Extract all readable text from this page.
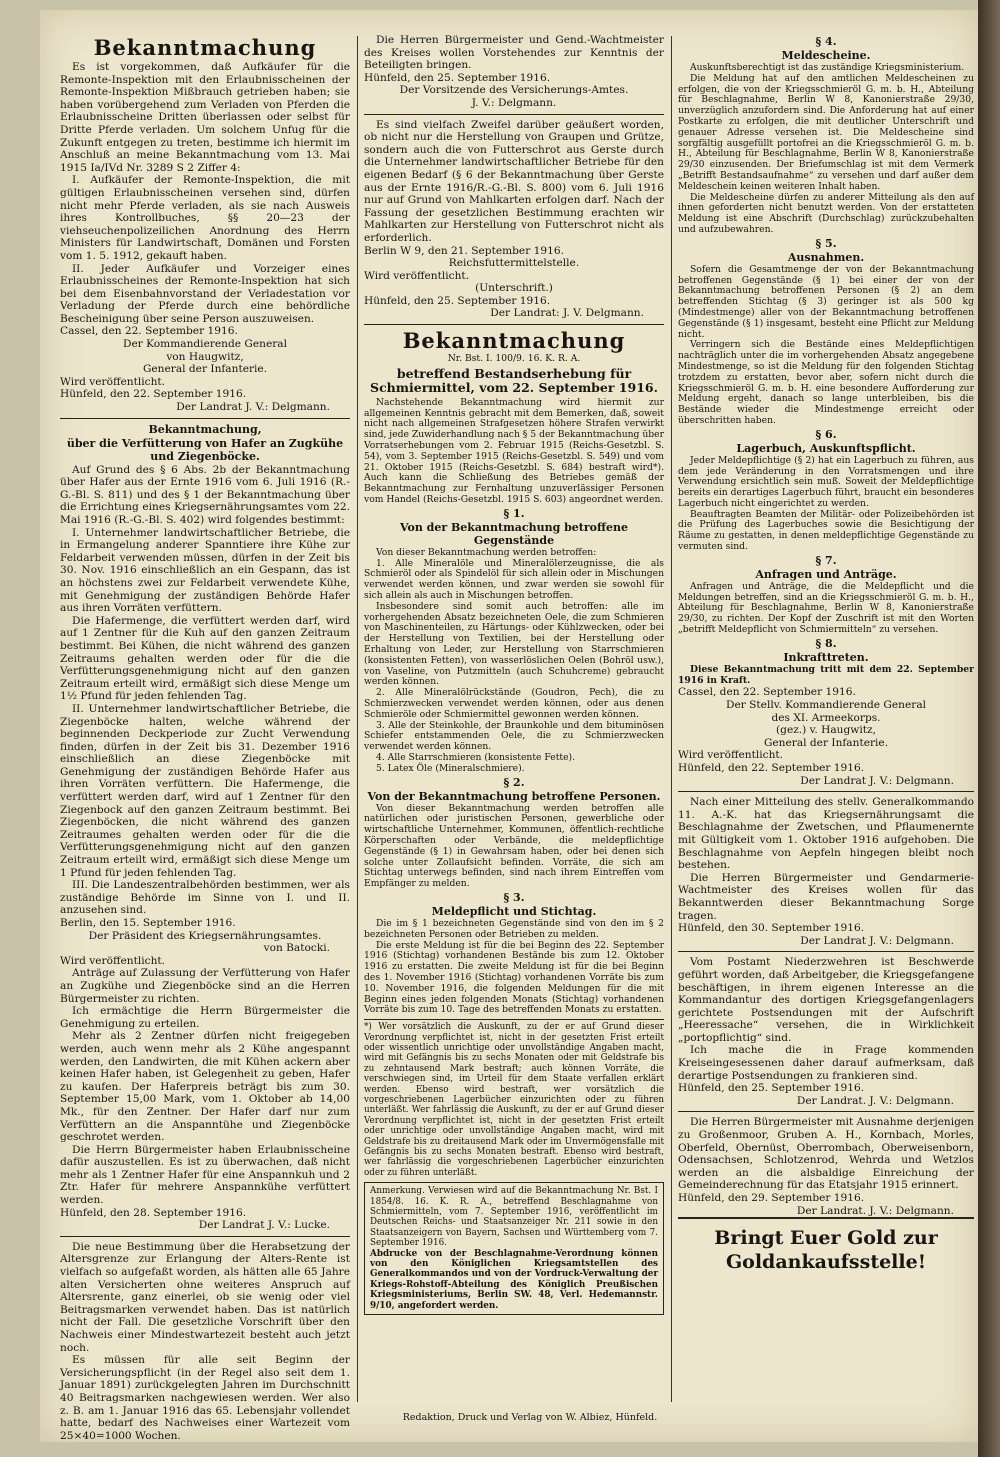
Bekanntmachung

Es ist vorgekommen, daß Aufkäufer für die Remonte-Inspektion mit den Erlaubnisscheinen der Remonte-Inspektion Mißbrauch getrieben haben; sie haben vorübergehend zum Verladen von Pferden die Erlaubnisscheine Dritten überlassen oder selbst für Dritte Pferde verladen. Um solchem Unfug für die Zukunft entgegen zu treten, bestimme ich hiermit im Anschluß an meine Bekanntmachung vom 13. Mai 1915 Ia/IVd Nr. 3289 S 2 Ziffer 4:

I. Aufkäufer der Remonte-Inspektion, die mit gültigen Erlaubnisscheinen versehen sind, dürfen nicht mehr Pferde verladen, als sie nach Ausweis ihres Kontrollbuches, §§ 20—23 der viehseuchenpolizeilichen Anordnung des Herrn Ministers für Landwirtschaft, Domänen und Forsten vom 1. 5. 1912, gekauft haben.

II. Jeder Aufkäufer und Vorzeiger eines Erlaubnisscheines der Remonte-Inspektion hat sich bei dem Eisenbahnvorstand der Verladestation vor Verladung der Pferde durch eine behördliche Bescheinigung über seine Person auszuweisen.

Cassel, den 22. September 1916.

Der Kommandierende General

von Haugwitz,

General der Infanterie.

Wird veröffentlicht.

Hünfeld, den 22. September 1916.

Der Landrat J. V.: Delgmann.

Bekanntmachung,
über die Verfütterung von Hafer an Zugkühe und Ziegenböcke.

Auf Grund des § 6 Abs. 2b der Bekanntmachung über Hafer aus der Ernte 1916 vom 6. Juli 1916 (R.-G.-Bl. S. 811) und des § 1 der Bekanntmachung über die Errichtung eines Kriegsernährungsamtes vom 22. Mai 1916 (R.-G.-Bl. S. 402) wird folgendes bestimmt:

I. Unternehmer landwirtschaftlicher Betriebe, die in Ermangelung anderer Spanntiere ihre Kühe zur Feldarbeit verwenden müssen, dürfen in der Zeit bis 30. Nov. 1916 einschließlich an ein Gespann, das ist an höchstens zwei zur Feldarbeit verwendete Kühe, mit Genehmigung der zuständigen Behörde Hafer aus ihren Vorräten verfüttern.

Die Hafermenge, die verfüttert werden darf, wird auf 1 Zentner für die Kuh auf den ganzen Zeitraum bestimmt. Bei Kühen, die nicht während des ganzen Zeitraums gehalten werden oder für die die Verfütterungsgenehmigung nicht auf den ganzen Zeitraum erteilt wird, ermäßigt sich diese Menge um 1½ Pfund für jeden fehlenden Tag.

II. Unternehmer landwirtschaftlicher Betriebe, die Ziegenböcke halten, welche während der beginnenden Deckperiode zur Zucht Verwendung finden, dürfen in der Zeit bis 31. Dezember 1916 einschließlich an diese Ziegenböcke mit Genehmigung der zuständigen Behörde Hafer aus ihren Vorräten verfüttern. Die Hafermenge, die verfüttert werden darf, wird auf 1 Zentner für den Ziegenbock auf den ganzen Zeitraum bestimmt. Bei Ziegenböcken, die nicht während des ganzen Zeitraumes gehalten werden oder für die die Verfütterungsgenehmigung nicht auf den ganzen Zeitraum erteilt wird, ermäßigt sich diese Menge um 1 Pfund für jeden fehlenden Tag.

III. Die Landeszentralbehörden bestimmen, wer als zuständige Behörde im Sinne von I. und II. anzusehen sind.

Berlin, den 15. September 1916.

Der Präsident des Kriegsernährungsamtes.

von Batocki.

Wird veröffentlicht.

Anträge auf Zulassung der Verfütterung von Hafer an Zugkühe und Ziegenböcke sind an die Herren Bürgermeister zu richten.

Ich ermächtige die Herrn Bürgermeister die Genehmigung zu erteilen.

Mehr als 2 Zentner dürfen nicht freigegeben werden, auch wenn mehr als 2 Kühe angespannt werden, den Landwirten, die mit Kühen ackern aber keinen Hafer haben, ist Gelegenheit zu geben, Hafer zu kaufen. Der Haferpreis beträgt bis zum 30. September 15,00 Mark, vom 1. Oktober ab 14,00 Mk., für den Zentner. Der Hafer darf nur zum Verfüttern an die Anspanntühe und Ziegenböcke geschrotet werden.

Die Herrn Bürgermeister haben Erlaubnisscheine dafür auszustellen. Es ist zu überwachen, daß nicht mehr als 1 Zentner Hafer für eine Anspannkuh und 2 Ztr. Hafer für mehrere Anspannkühe verfüttert werden.

Hünfeld, den 28. September 1916.

Der Landrat J. V.: Lucke.

Die neue Bestimmung über die Herabsetzung der Altersgrenze zur Erlangung der Alters-Rente ist vielfach so aufgefaßt worden, als hätten alle 65 Jahre alten Versicherten ohne weiteres Anspruch auf Altersrente, ganz einerlei, ob sie wenig oder viel Beitragsmarken verwendet haben. Das ist natürlich nicht der Fall. Die gesetzliche Vorschrift über den Nachweis einer Mindestwartezeit besteht auch jetzt noch.

Es müssen für alle seit Beginn der Versicherungspflicht (in der Regel also seit dem 1. Januar 1891) zurückgelegten Jahren im Durchschnitt 40 Beitragsmarken nachgewiesen werden. Wer also z. B. am 1. Januar 1916 das 65. Lebensjahr vollendet hatte, bedarf des Nachweises einer Wartezeit vom 25×40=1000 Wochen.

Die Herren Bürgermeister und Gend.-Wachtmeister des Kreises wollen Vorstehendes zur Kenntnis der Beteiligten bringen.

Hünfeld, den 25. September 1916.

Der Vorsitzende des Versicherungs-Amtes.

J. V.: Delgmann.

Es sind vielfach Zweifel darüber geäußert worden, ob nicht nur die Herstellung von Graupen und Grütze, sondern auch die von Futterschrot aus Gerste durch die Unternehmer landwirtschaftlicher Betriebe für den eigenen Bedarf (§ 6 der Bekanntmachung über Gerste aus der Ernte 1916/R.-G.-Bl. S. 800) vom 6. Juli 1916 nur auf Grund von Mahlkarten erfolgen darf. Nach der Fassung der gesetzlichen Bestimmung erachten wir Mahlkarten zur Herstellung von Futterschrot nicht als erforderlich.

Berlin W 9, den 21. September 1916.

Reichsfuttermittelstelle.

Wird veröffentlicht.

(Unterschrift.)

Hünfeld, den 25. September 1916.

Der Landrat: J. V. Delgmann.

Bekanntmachung

Nr. Bst. I. 100/9. 16. K. R. A.

betreffend Bestandserhebung für Schmiermittel, vom 22. September 1916.

Nachstehende Bekanntmachung wird hiermit zur allgemeinen Kenntnis gebracht mit dem Bemerken, daß, soweit nicht nach allgemeinen Strafgesetzen höhere Strafen verwirkt sind, jede Zuwiderhandlung nach § 5 der Bekanntmachung über Vorratserhebungen vom 2. Februar 1915 (Reichs-Gesetzbl. S. 54), vom 3. September 1915 (Reichs-Gesetzbl. S. 549) und vom 21. Oktober 1915 (Reichs-Gesetzbl. S. 684) bestraft wird*). Auch kann die Schließung des Betriebes gemäß der Bekanntmachung zur Fernhaltung unzuverlässiger Personen vom Handel (Reichs-Gesetzbl. 1915 S. 603) angeordnet werden.

§ 1.
Von der Bekanntmachung betroffene Gegenstände

Von dieser Bekanntmachung werden betroffen:

1. Alle Mineralöle und Mineralölerzeugnisse, die als Schmieröl oder als Spindelöl für sich allein oder in Mischungen verwendet werden können, und zwar werden sie sowohl für sich allein als auch in Mischungen betroffen.

Insbesondere sind somit auch betroffen: alle im vorhergehenden Absatz bezeichneten Oele, die zum Schmieren von Maschinenteilen, zu Härtungs- oder Kühlzwecken, oder bei der Herstellung von Textilien, bei der Herstellung oder Erhaltung von Leder, zur Herstellung von Starrschmieren (konsistenten Fetten), von wasserlöslichen Oelen (Bohröl usw.), von Vaseline, von Putzmitteln (auch Schuhcreme) gebraucht werden können.

2. Alle Mineralölrückstände (Goudron, Pech), die zu Schmierzwecken verwendet werden können, oder aus denen Schmieröle oder Schmiermittel gewonnen werden können.

3. Alle der Steinkohle, der Braunkohle und dem bituminösen Schiefer entstammenden Oele, die zu Schmierzwecken verwendet werden können.

4. Alle Starrschmieren (konsistente Fette).

5. Latex Öle (Mineralschmiere).

§ 2.
Von der Bekanntmachung betroffene Personen.

Von dieser Bekanntmachung werden betroffen alle natürlichen oder juristischen Personen, gewerbliche oder wirtschaftliche Unternehmer, Kommunen, öffentlich-rechtliche Körperschaften oder Verbände, die meldepflichtige Gegenstände (§ 1) in Gewahrsam haben, oder bei denen sich solche unter Zollaufsicht befinden. Vorräte, die sich am Stichtag unterwegs befinden, sind nach ihrem Eintreffen vom Empfänger zu melden.

§ 3.
Meldepflicht und Stichtag.

Die im § 1 bezeichneten Gegenstände sind von den im § 2 bezeichneten Personen oder Betrieben zu melden.

Die erste Meldung ist für die bei Beginn des 22. September 1916 (Stichtag) vorhandenen Bestände bis zum 12. Oktober 1916 zu erstatten. Die zweite Meldung ist für die bei Beginn des 1. November 1916 (Stichtag) vorhandenen Vorräte bis zum 10. November 1916, die folgenden Meldungen für die mit Beginn eines jeden folgenden Monats (Stichtag) vorhandenen Vorräte bis zum 10. Tage des betreffenden Monats zu erstatten.

*) Wer vorsätzlich die Auskunft, zu der er auf Grund dieser Verordnung verpflichtet ist, nicht in der gesetzten Frist erteilt oder wissentlich unrichtige oder unvollständige Angaben macht, wird mit Gefängnis bis zu sechs Monaten oder mit Geldstrafe bis zu zehntausend Mark bestraft; auch können Vorräte, die verschwiegen sind, im Urteil für dem Staate verfallen erklärt werden. Ebenso wird bestraft, wer vorsätzlich die vorgeschriebenen Lagerbücher einzurichten oder zu führen unterläßt. Wer fahrlässig die Auskunft, zu der er auf Grund dieser Verordnung verpflichtet ist, nicht in der gesetzten Frist erteilt oder unrichtige oder unvollständige Angaben macht, wird mit Geldstrafe bis zu dreitausend Mark oder im Unvermögensfalle mit Gefängnis bis zu sechs Monaten bestraft. Ebenso wird bestraft, wer fahrlässig die vorgeschriebenen Lagerbücher einzurichten oder zu führen unterläßt.

Anmerkung. Verwiesen wird auf die Bekanntmachung Nr. Bst. I 1854/8. 16. K. R. A., betreffend Beschlagnahme von Schmiermitteln, vom 7. September 1916, veröffentlicht im Deutschen Reichs- und Staatsanzeiger Nr. 211 sowie in den Staatsanzeigern von Bayern, Sachsen und Württemberg vom 7. September 1916.

Abdrucke von der Beschlagnahme-Verordnung können von den Königlichen Kriegsamtstellen des Generalkommandos und von der Vordruck-Verwaltung der Kriegs-Rohstoff-Abteilung des Königlich Preußischen Kriegsministeriums, Berlin SW. 48, Verl. Hedemannstr. 9/10, angefordert werden.

§ 4.
Meldescheine.

Auskunftsberechtigt ist das zuständige Kriegsministerium.

Die Meldung hat auf den amtlichen Meldescheinen zu erfolgen, die von der Kriegsschmieröl G. m. b. H., Abteilung für Beschlagnahme, Berlin W 8, Kanonierstraße 29/30, unverzüglich anzufordern sind. Die Anforderung hat auf einer Postkarte zu erfolgen, die mit deutlicher Unterschrift und genauer Adresse versehen ist. Die Meldescheine sind sorgfältig ausgefüllt portofrei an die Kriegsschmieröl G. m. b. H., Abteilung für Beschlagnahme, Berlin W 8, Kanonierstraße 29/30 einzusenden. Der Briefumschlag ist mit dem Vermerk „Betrifft Bestandsaufnahme“ zu versehen und darf außer dem Meldeschein keinen weiteren Inhalt haben.

Die Meldescheine dürfen zu anderer Mitteilung als den auf ihnen geforderten nicht benutzt werden. Von der erstatteten Meldung ist eine Abschrift (Durchschlag) zurückzubehalten und aufzubewahren.

§ 5.
Ausnahmen.

Sofern die Gesamtmenge der von der Bekanntmachung betroffenen Gegenstände (§ 1) bei einer der von der Bekanntmachung betroffenen Personen (§ 2) an dem betreffenden Stichtag (§ 3) geringer ist als 500 kg (Mindestmenge) aller von der Bekanntmachung betroffenen Gegenstände (§ 1) insgesamt, besteht eine Pflicht zur Meldung nicht.

Verringern sich die Bestände eines Meldepflichtigen nachträglich unter die im vorhergehenden Absatz angegebene Mindestmenge, so ist die Meldung für den folgenden Stichtag trotzdem zu erstatten, bevor aber, sofern nicht durch die Kriegsschmieröl G. m. b. H. eine besondere Aufforderung zur Meldung ergeht, danach so lange unterbleiben, bis die Bestände wieder die Mindestmenge erreicht oder überschritten haben.

§ 6.
Lagerbuch, Auskunftspflicht.

Jeder Meldepflichtige (§ 2) hat ein Lagerbuch zu führen, aus dem jede Veränderung in den Vorratsmengen und ihre Verwendung ersichtlich sein muß. Soweit der Meldepflichtige bereits ein derartiges Lagerbuch führt, braucht ein besonderes Lagerbuch nicht eingerichtet zu werden.

Beauftragten Beamten der Militär- oder Polizeibehörden ist die Prüfung des Lagerbuches sowie die Besichtigung der Räume zu gestatten, in denen meldepflichtige Gegenstände zu vermuten sind.

§ 7.
Anfragen und Anträge.

Anfragen und Anträge, die die Meldepflicht und die Meldungen betreffen, sind an die Kriegsschmieröl G. m. b. H., Abteilung für Beschlagnahme, Berlin W 8, Kanonierstraße 29/30, zu richten. Der Kopf der Zuschrift ist mit den Worten „betrifft Meldepflicht von Schmiermitteln“ zu versehen.

§ 8.
Inkrafttreten.

Diese Bekanntmachung tritt mit dem 22. September 1916 in Kraft.

Cassel, den 22. September 1916.

Der Stellv. Kommandierende General

des XI. Armeekorps.

(gez.) v. Haugwitz,

General der Infanterie.

Wird veröffentlicht.

Hünfeld, den 22. September 1916.

Der Landrat J. V.: Delgmann.

Nach einer Mitteilung des stellv. Generalkommando 11. A.-K. hat das Kriegsernährungsamt die Beschlagnahme der Zwetschen, und Pflaumenernte mit Gültigkeit vom 1. Oktober 1916 aufgehoben. Die Beschlagnahme von Aepfeln hingegen bleibt noch bestehen.

Die Herren Bürgermeister und Gendarmerie-Wachtmeister des Kreises wollen für das Bekanntwerden dieser Bekanntmachung Sorge tragen.

Hünfeld, den 30. September 1916.

Der Landrat J. V.: Delgmann.

Vom Postamt Niederzwehren ist Beschwerde geführt worden, daß Arbeitgeber, die Kriegsgefangene beschäftigen, in ihrem eigenen Interesse an die Kommandantur des dortigen Kriegsgefangenlagers gerichtete Postsendungen mit der Aufschrift „Heeressache“ versehen, die in Wirklichkeit „portopflichtig“ sind.

Ich mache die in Frage kommenden Kreiseingesessenen daher darauf aufmerksam, daß derartige Postsendungen zu frankieren sind.

Hünfeld, den 25. September 1916.

Der Landrat. J. V.: Delgmann.

Die Herren Bürgermeister mit Ausnahme derjenigen zu Großenmoor, Gruben A. H., Kornbach, Morles, Oberfeld, Obernüst, Oberrombach, Oberweisenborn, Odensachsen, Schlotzenrod, Wehrda und Wetzlos werden an die alsbaldige Einreichung der Gemeinderechnung für das Etatsjahr 1915 erinnert.

Hünfeld, den 29. September 1916.

Der Landrat. J. V.: Delgmann.

Bringt Euer Gold zur

Goldankaufsstelle!

Redaktion, Druck und Verlag von W. Albiez, Hünfeld.
